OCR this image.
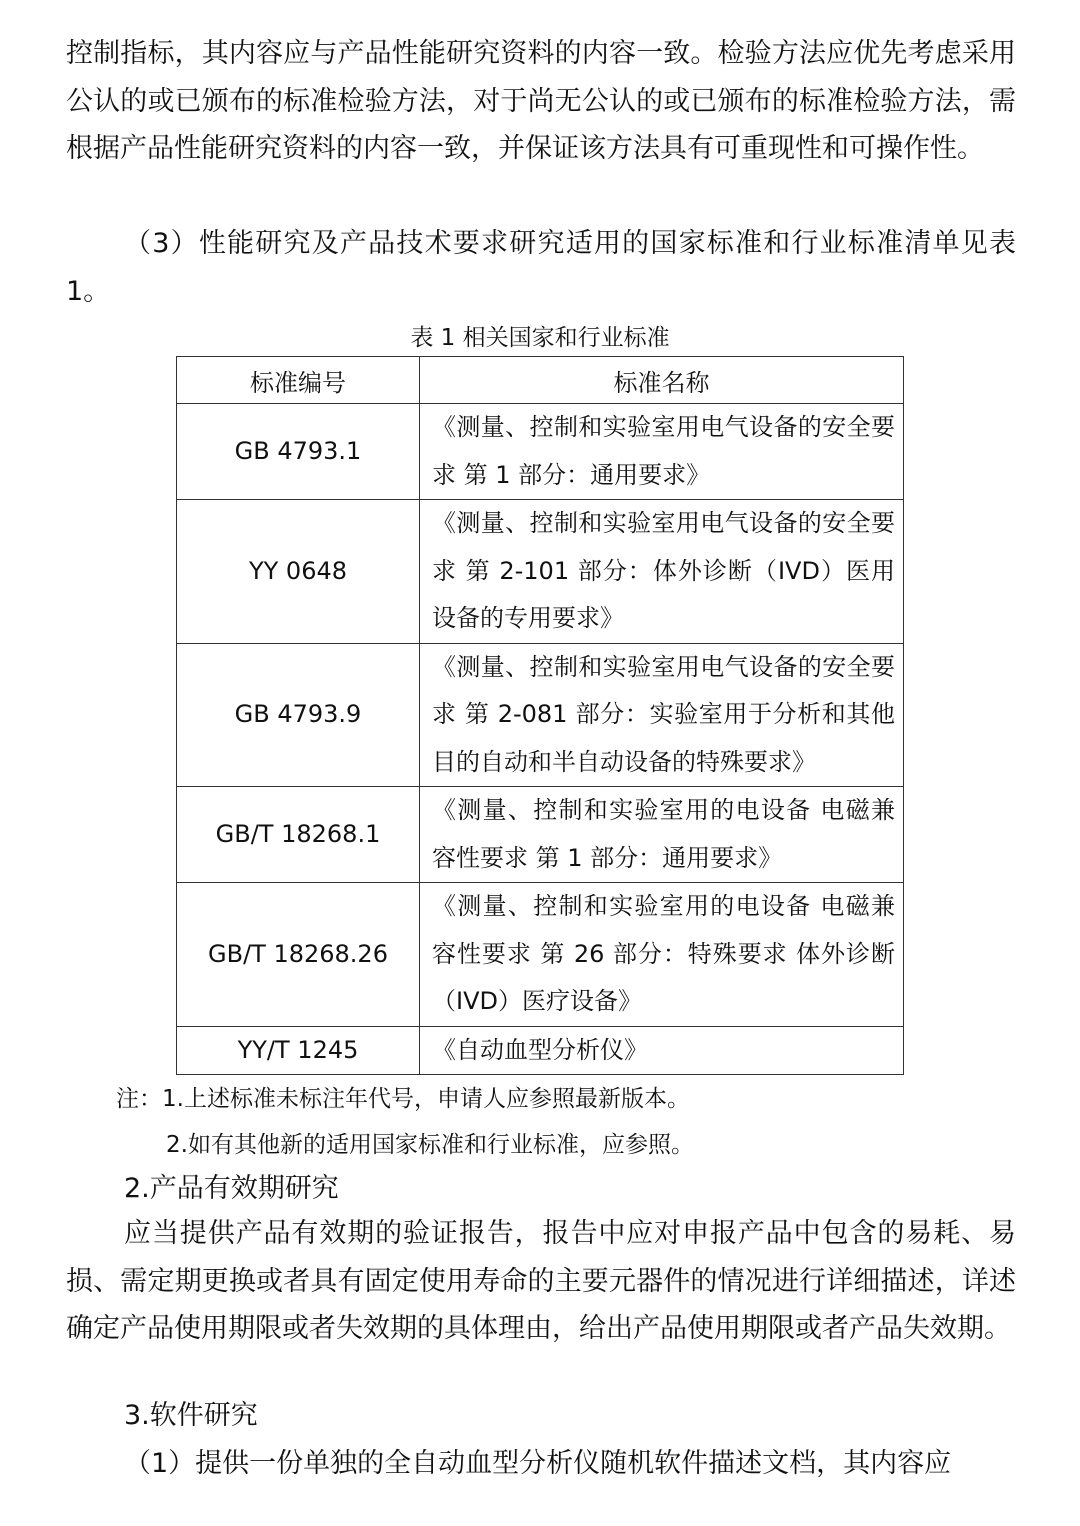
控制指标，其内容应与产品性能研究资料的内容一致。检验方法应优先考虑采用公认的或已颁布的标准检验方法，对于尚无公认的或已颁布的标准检验方法，需根据产品性能研究资料的内容一致，并保证该方法具有可重现性和可操作性。

（3）性能研究及产品技术要求研究适用的国家标准和行业标准清单见表1。

表 1 相关国家和行业标准
标准编号	标准名称
GB 4793.1	《测量、控制和实验室用电气设备的安全要求 第 1 部分：通用要求》
YY 0648	《测量、控制和实验室用电气设备的安全要求 第 2-101 部分：体外诊断（IVD）医用设备的专用要求》
GB 4793.9	《测量、控制和实验室用电气设备的安全要求 第 2-081 部分：实验室用于分析和其他目的自动和半自动设备的特殊要求》
GB/T 18268.1	《测量、控制和实验室用的电设备 电磁兼容性要求 第 1 部分：通用要求》
GB/T 18268.26	《测量、控制和实验室用的电设备 电磁兼容性要求 第 26 部分：特殊要求 体外诊断（IVD）医疗设备》
YY/T 1245	《自动血型分析仪》

注：1.上述标准未标注年代号，申请人应参照最新版本。

2.如有其他新的适用国家标准和行业标准，应参照。

2.产品有效期研究

应当提供产品有效期的验证报告，报告中应对申报产品中包含的易耗、易损、需定期更换或者具有固定使用寿命的主要元器件的情况进行详细描述，详述确定产品使用期限或者失效期的具体理由，给出产品使用期限或者产品失效期。

3.软件研究

（1）提供一份单独的全自动血型分析仪随机软件描述文档，其内容应
